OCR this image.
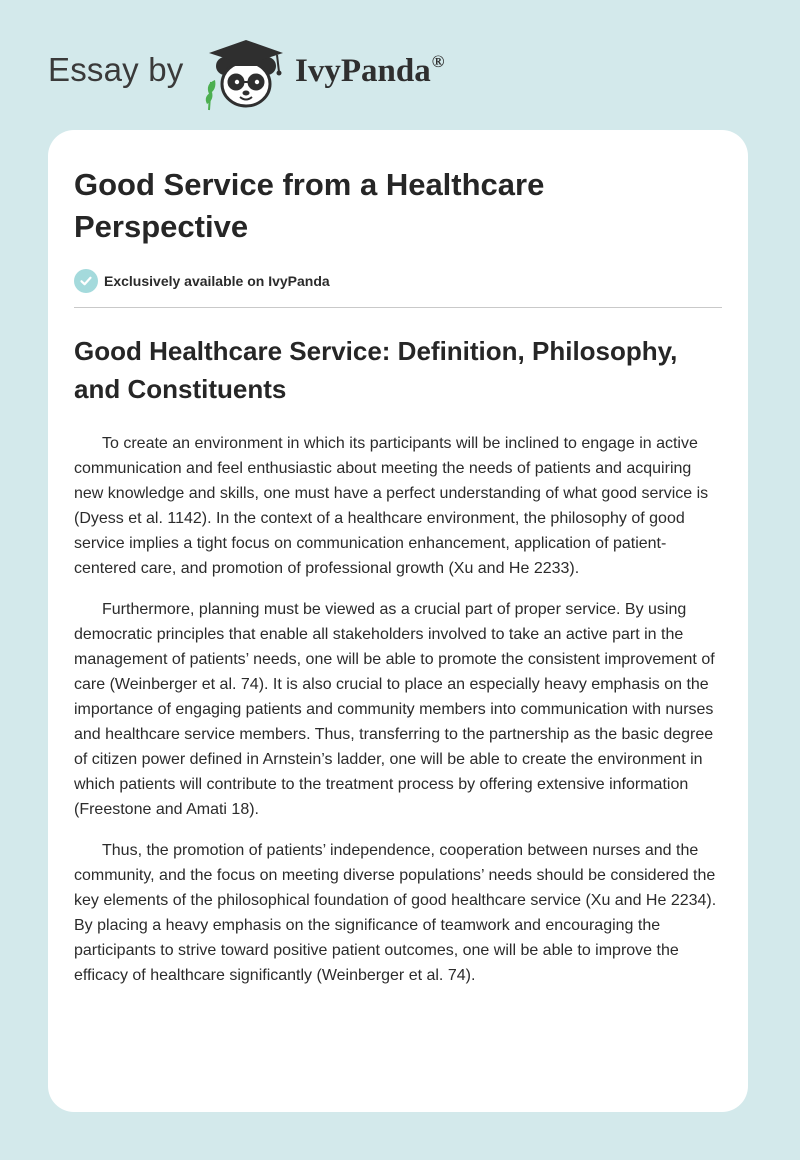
Essay by	IvyPanda®
Good Service from a Healthcare Perspective
Exclusively available on IvyPanda
Good Healthcare Service: Definition, Philosophy, and Constituents

To create an environment in which its participants will be inclined to engage in active communication and feel enthusiastic about meeting the needs of patients and acquiring new knowledge and skills, one must have a perfect understanding of what good service is (Dyess et al. 1142). In the context of a healthcare environment, the philosophy of good service implies a tight focus on communication enhancement, application of patient-centered care, and promotion of professional growth (Xu and He 2233).

Furthermore, planning must be viewed as a crucial part of proper service. By using democratic principles that enable all stakeholders involved to take an active part in the management of patients’ needs, one will be able to promote the consistent improvement of care (Weinberger et al. 74). It is also crucial to place an especially heavy emphasis on the importance of engaging patients and community members into communication with nurses and healthcare service members. Thus, transferring to the partnership as the basic degree of citizen power defined in Arnstein’s ladder, one will be able to create the environment in which patients will contribute to the treatment process by offering extensive information (Freestone and Amati 18).

Thus, the promotion of patients’ independence, cooperation between nurses and the community, and the focus on meeting diverse populations’ needs should be considered the key elements of the philosophical foundation of good healthcare service (Xu and He 2234). By placing a heavy emphasis on the significance of teamwork and encouraging the participants to strive toward positive patient outcomes, one will be able to improve the efficacy of healthcare significantly (Weinberger et al. 74).
